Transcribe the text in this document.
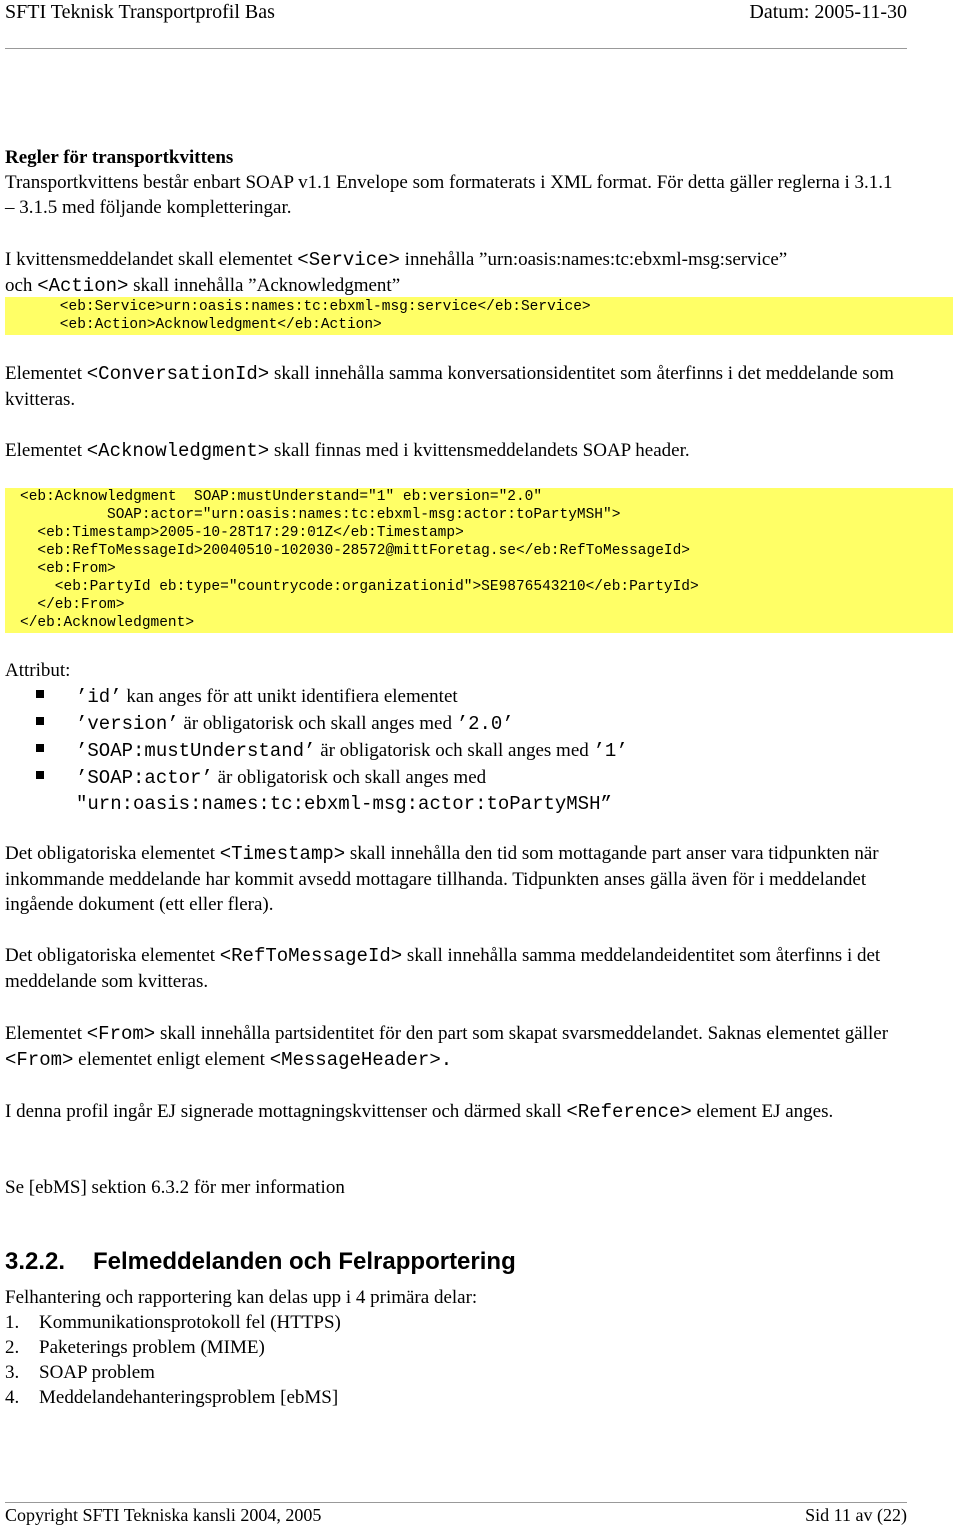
SFTI Teknisk Transportprofil Bas	Datum: 2005-11-30
Regler för transportkvittens
Transportkvittens består enbart SOAP v1.1 Envelope som formaterats i XML format. För detta gäller reglerna i 3.1.1 – 3.1.5 med följande kompletteringar.
I kvittensmeddelandet skall elementet <Service> innehålla ”urn:oasis:names:tc:ebxml-msg:service” och <Action> skall innehålla ”Acknowledgment”
<eb:Service>urn:oasis:names:tc:ebxml-msg:service</eb:Service>
<eb:Action>Acknowledgment</eb:Action>
Elementet <ConversationId> skall innehålla samma konversationsidentitet som återfinns i det meddelande som kvitteras.
Elementet <Acknowledgment> skall finnas med i kvittensmeddelandets SOAP header.
<eb:Acknowledgment  SOAP:mustUnderstand="1" eb:version="2.0"
SOAP:actor="urn:oasis:names:tc:ebxml-msg:actor:toPartyMSH">
<eb:Timestamp>2005-10-28T17:29:01Z</eb:Timestamp>
<eb:RefToMessageId>20040510-102030-28572@mittForetag.se</eb:RefToMessageId>
<eb:From>
<eb:PartyId eb:type="countrycode:organizationid">SE9876543210</eb:PartyId>
</eb:From>
</eb:Acknowledgment>
Attribut:
’id’ kan anges för att unikt identifiera elementet
’version’ är obligatorisk och skall anges med ’2.0’
’SOAP:mustUnderstand’ är obligatorisk och skall anges med ’1’
’SOAP:actor’ är obligatorisk och skall anges med
"urn:oasis:names:tc:ebxml-msg:actor:toPartyMSH”
Det obligatoriska elementet <Timestamp> skall innehålla den tid som mottagande part anser vara tidpunkten när inkommande meddelande har kommit avsedd mottagare tillhanda. Tidpunkten anses gälla även för i meddelandet ingående dokument (ett eller flera).
Det obligatoriska elementet <RefToMessageId> skall innehålla samma meddelandeidentitet som återfinns i det meddelande som kvitteras.
Elementet <From> skall innehålla partsidentitet för den part som skapat svarsmeddelandet. Saknas elementet gäller <From> elementet enligt element <MessageHeader>.
I denna profil ingår EJ signerade mottagningskvittenser och därmed skall <Reference> element EJ anges.
Se [ebMS] sektion 6.3.2 för mer information
3.2.2. Felmeddelanden och Felrapportering
Felhantering och rapportering kan delas upp i 4 primära delar:
1. Kommunikationsprotokoll fel (HTTPS)
2. Paketerings problem (MIME)
3. SOAP problem
4. Meddelandehanteringsproblem [ebMS]
Copyright SFTI Tekniska kansli 2004, 2005	Sid 11 av (22)
